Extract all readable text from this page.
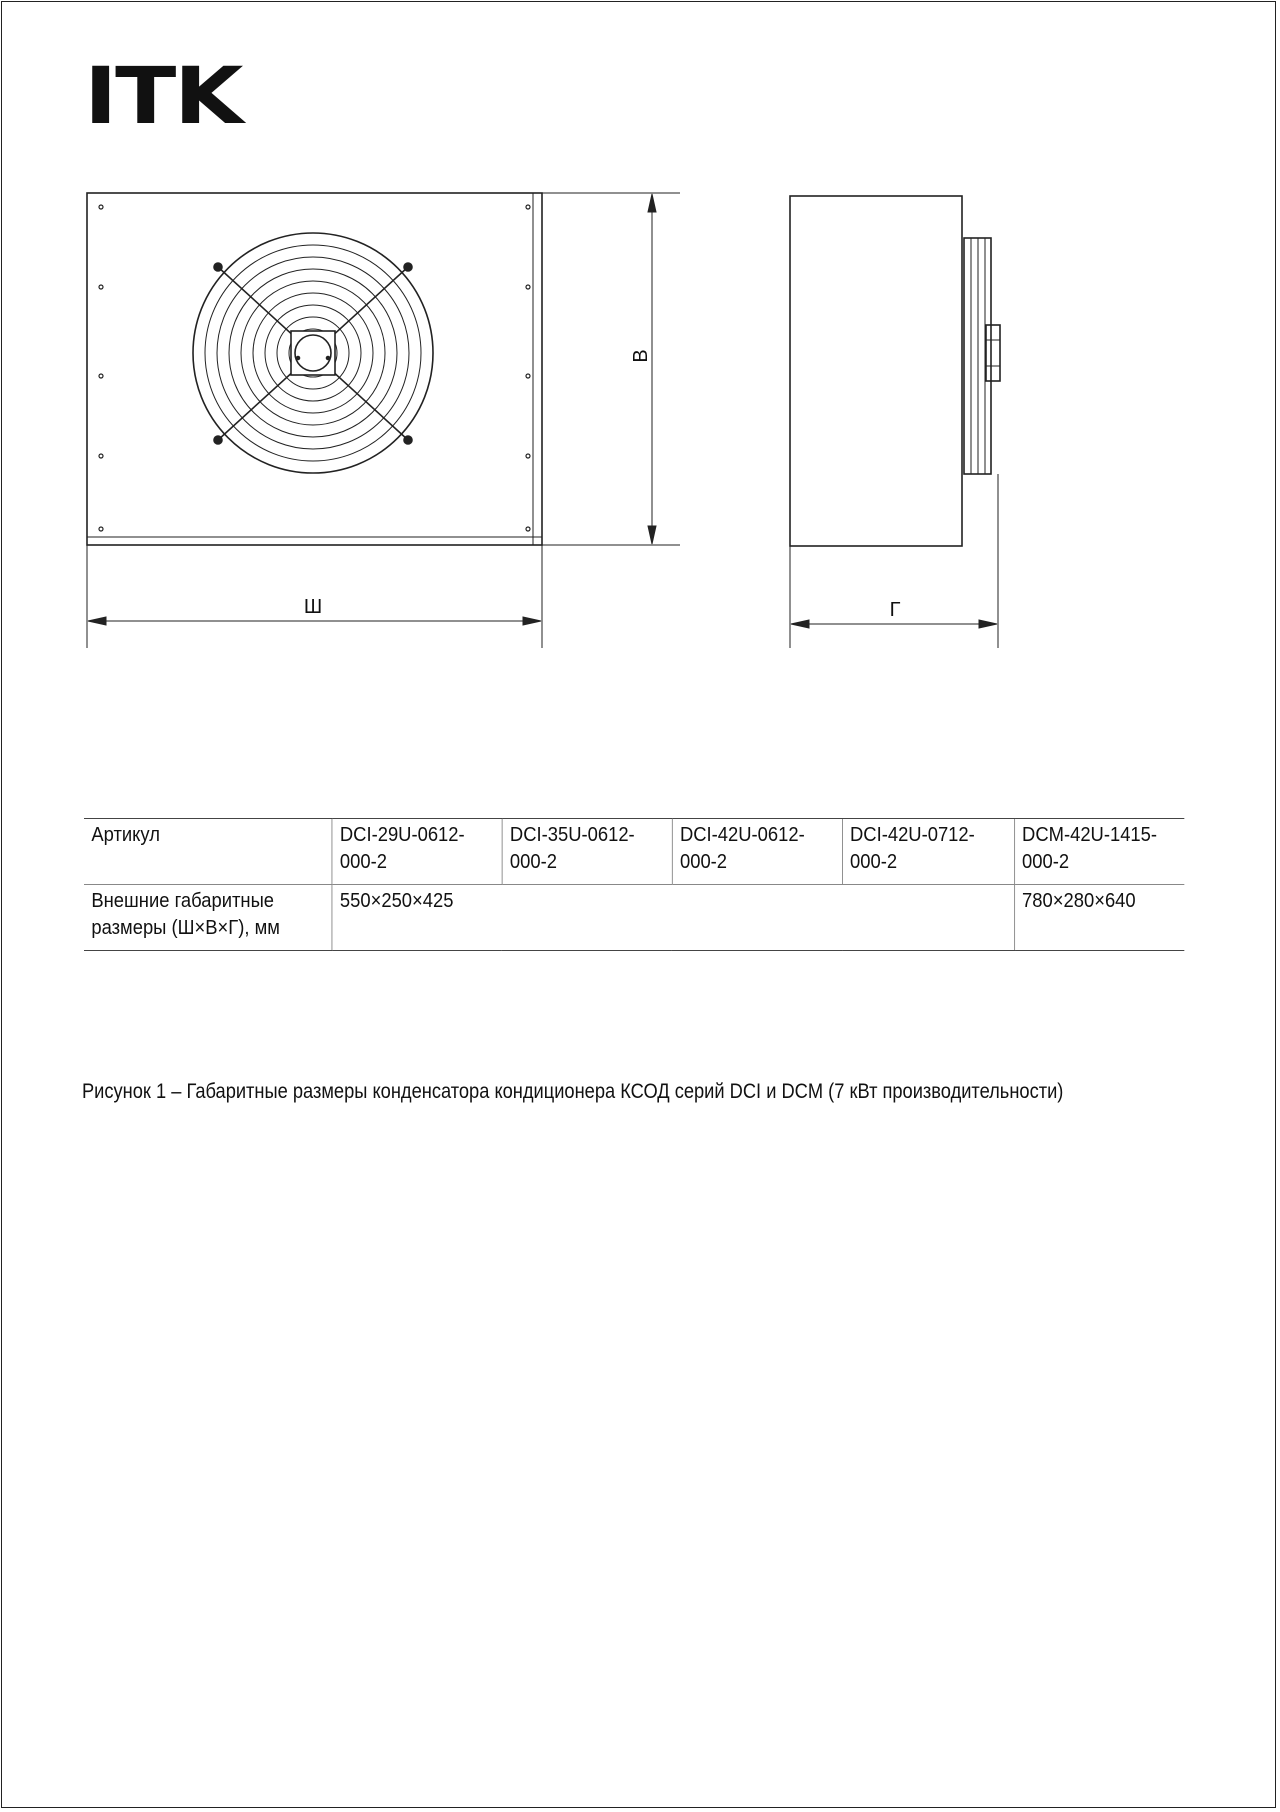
ITK
В
Ш	Г
Артикул	DCI-29U-0612-000-2	DCI-35U-0612-000-2	DCI-42U-0612-000-2	DCI-42U-0712-000-2	DCM-42U-1415-000-2
Внешние габаритные размеры (Ш×В×Г), мм	550×250×425				780×280×640
Рисунок 1 – Габаритные размеры конденсатора кондиционера КСОД серий DCI и DCM (7 кВт производительности)
